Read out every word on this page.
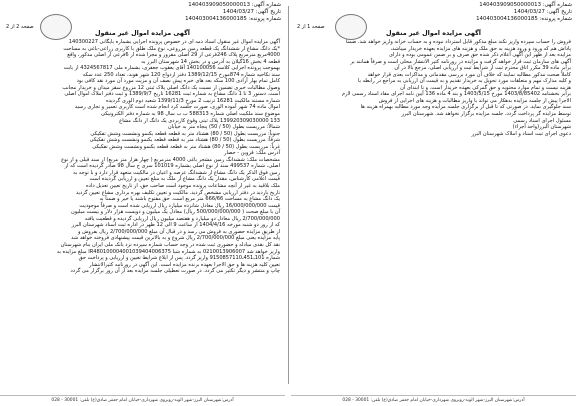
شماره آگهی: 140403909050000013
تاریخ آگهی: 1404/03/27
شماره پرونده: 140403004136000185
صفحه 2 از 2
آگهی مزایده اموال غیر منقول

آگهی مزایده اموال غیر منقول اسناد ذمه ای در خصوص پرونده اجرایی بشماره بایگانی 140300227

*یک دانگ مشاع از ششدانگ یک قطعه زمین مزروعی، نوع ملک طلق با کاربری زراعی-باغی به مساحت

4000مربع مترمربع پلاک 246فرعی از 29 اصلی مفروز و مجزا شده از 6فرعی از اصلی مذکور، واقع

قطعه 4 بخش 16گیلان به آدرس و در بخش 14 شهرستان البرز به

بهموجب پرونده اجرایی کلاسه 140100056 آقای یعقوب جعفری، بشماره ملی 4324567817 از بابت

سند نکاحیه شماره 874مورخ 1389/12/15 دفتر ازدواج 120 شهر هوند، تعداد 250 عدد سکه

کامل تمام بهار آزادی 100 سکه بعه های خبره پیش نصف آن و مزیت مورد آن مورد نقد کافی بود

وصول مطالبات خبری تضمین از نسبت یک دانگ اصلی پلاک ثبتی 12 مزروع سقز میدان و خریدار مجانب

است. دستور 3 تا 1 دانگ مشاع به شماره ثبت 16281 تاریخ 1389/9/7 و ثبت دفتر املاک اموال اصلی

شماره مستند مالکیت 16281 ترتیب 2 مورخ 1399/11/3 شعبه دوم الوری گردیده

اموال ماده 74 شهر آموده الوری، صورت جلسه کرد انجام شده است کاربری تعمیر و تجاری رسید

موضوع سند ملکیت اصلی شماره 588313 ب ب سال 98 به شماره دفتر الکترونیکی

133 139920309030000 پلاک ثبتی وقوع کاربردی یک دانگ از دانگ مشاع

شمالاً: مرزیست بطول (50 / 50) پنجاه متر به خیابان

جنوباً: مرزیست بطول (50 / 80) هشتاد متر به قطعه قطعه بکنمو ونشست وشش تفکیکی

شرقاً: مرزیست بطول (50 / 80) هشتاد متر به قطعه قطعه بکنمو ونشست وشش تفکیکی

غرباً: مرزیست بطول (50 / 80) هشتاد متر به قطعه قطعه بکنمو ونشست وشش تفکیکی

آدرس ملک: قزوین - حصار

مشخصات ملک: ششدانگ زمین مشجر باغی 4000 مترمربع ( چهار هزار متر مربع) از سند قبلی و از نوع

اصلی، شماره 499537 سند از نوع اصلی بشماره 101019 سری ج سال 98 صادر گردیده است که از

زمین فوق الذکر یک دانگ مشاع از ششدانگ عرصه و اعیان در مالکیت متعهد قرار دارد و با توجه به

قیمت اعلامی کارشناس، مقدار یک دانگ مشاع از ملک به مبلغ تعیین و ارزیابی گردیده است

ملک بلاقید به غیر از آنچه مشاعات پرونده موجود است صاحب حق، از تاریخ تعیین تعدیل داده

تاریخ بازدید در دفتر ارزیابی مشخص گردید. مالکیت و تعیین تکلیف بهره برداری مشاع تعیین گردید

یک دانگ مشاع به مساحت 666/66 متر مربع است. حق مفتوح باشند یا خیر و ضمناً به

قیمت 16/000/000/000 ریال معادل شانزده میلیارد ریال ارزیابی شده است و صرفاً موجودیت

آن با مبلغ صحت ( 500/000/000/000 ریال) معادل یک میلیون و دویست هزار دلار و بیست میلیون

2/700/000/000 ریال معادل دو میلیارد و هفتصد میلیون ریال ارزیابی گردیده و قطعیت یافته

که از روز دو شنبه مورخه 1404/4/16 از ساعت 9 الی 12 ظهر در اداره ثبت اسناد شهرستان البرز

از طریق مزایده حضوری به فروش می رسد و در قبال آن مبلغ 2/700/000/000 ریال بفروش و

پایه مزایده یعنی مبلغ 2/700/000/000 ریال شروع و به بالاترین قیمت پیشنهادی فروخته خواهد شد

نقد کل نقدی مبادله و حضوری ثبت شده در وجه حساب شماره سپرده نزد بانک ملی ایران بنام شهرستان

واریز خواهد شد 0210013906007 به شماره شبا IR480100004001039404006375 مبلغ مزایده به

شماره 101ـ451ـ9150857110 واریز گردد. پس از ابلاغ شرایط تعیین و ارزیابی و پرداخت حق

تعیین کلیه هزینه ها و حق الاجرا بعهده برنده مزایده است. این آگهی در روزنامه کثیرالانتشار

چاپ و منتشر و دیگر تکثیر می گردد. در صورت تعطیلی جلسه مزایده بعد از آن روز برگزار می گردد

آدرس:شهرستان البرز-شهر الوند-روبروی شهرداری-خیابان امام جعفر صادق(ع) تلفن: 30001 - 028
شماره آگهی: 140403909050000013
تاریخ آگهی: 1404/03/27
شماره پرونده: 140403004136000185
صفحه 1 از 2
آگهی مزایده اموال غیر منقول

فروش را حساب سپرده واریز نکند مبلغ مذکور قابل استرداد نبوده و به حساب خزانه واریز خواهد شد. ضمناً

پاداش هم که ورود و ورود هزینه به حق ملک و هزینه های مزایده بعهده خریدار میباشد،

مزایده بعد از ظهر این آگهی اعلام ذکر شده حق صرف و بر ضمن عمومی بوده و دارای

آگهی های سازمان ثبت قرار خواهد گرفت و مزایده در روزنامه کثیر الانتشار محلی است و صرفاً همانند بر

برابر ماده 39 مکرر اتاق محترم ثبت از شرایط ثبت و ارزیابی اصلی، مرجع بالا در آن

کاملاً صحت مذکور مطالبه نمایند که خلاف آن مورد بررسی مقدماتی و مذاکرات بعدی قرار خواهد

و کلیه مدارک مهم و متعلقات مورد تحویل به خریدار تقدیم و به قیمت آن ارزیابی به مراجع در رابطه با

هزینه نیست و تمام موارد محتویه و حق گمرکی بعهده خریدار است. و تا ابتدای آن

برابر بخشنامه 1403/8/85402 مورخ 1403/5/15 و بند 4 ماده 136 آیین نامه اجرای مفاد اسناد رسمی لازم

الاجرا پیش از جلسه مزایده بدهکار می تواند با واریز مطالبات و هزینه های اجرایی از فروش

سند جلوگیری نماید. در صورتی که تا قبل از برگزاری جلسه مزایده وجه مورد مطالبه بهمراه هزینه ها

توسط مزایده گر پرداخت گردد، جلسه مزایده برگزار نخواهد شد. شهرستان البرز

مسئول اجرای اسناد رسمی

شهرستان البرز(واحد اجراء)

دعوی اجرای ثبت اسناد و املاک شهرستان البرز

آدرس:شهرستان البرز-شهر الوند-روبروی شهرداری-خیابان امام جعفر صادق(ع) تلفن: 30001 - 028
